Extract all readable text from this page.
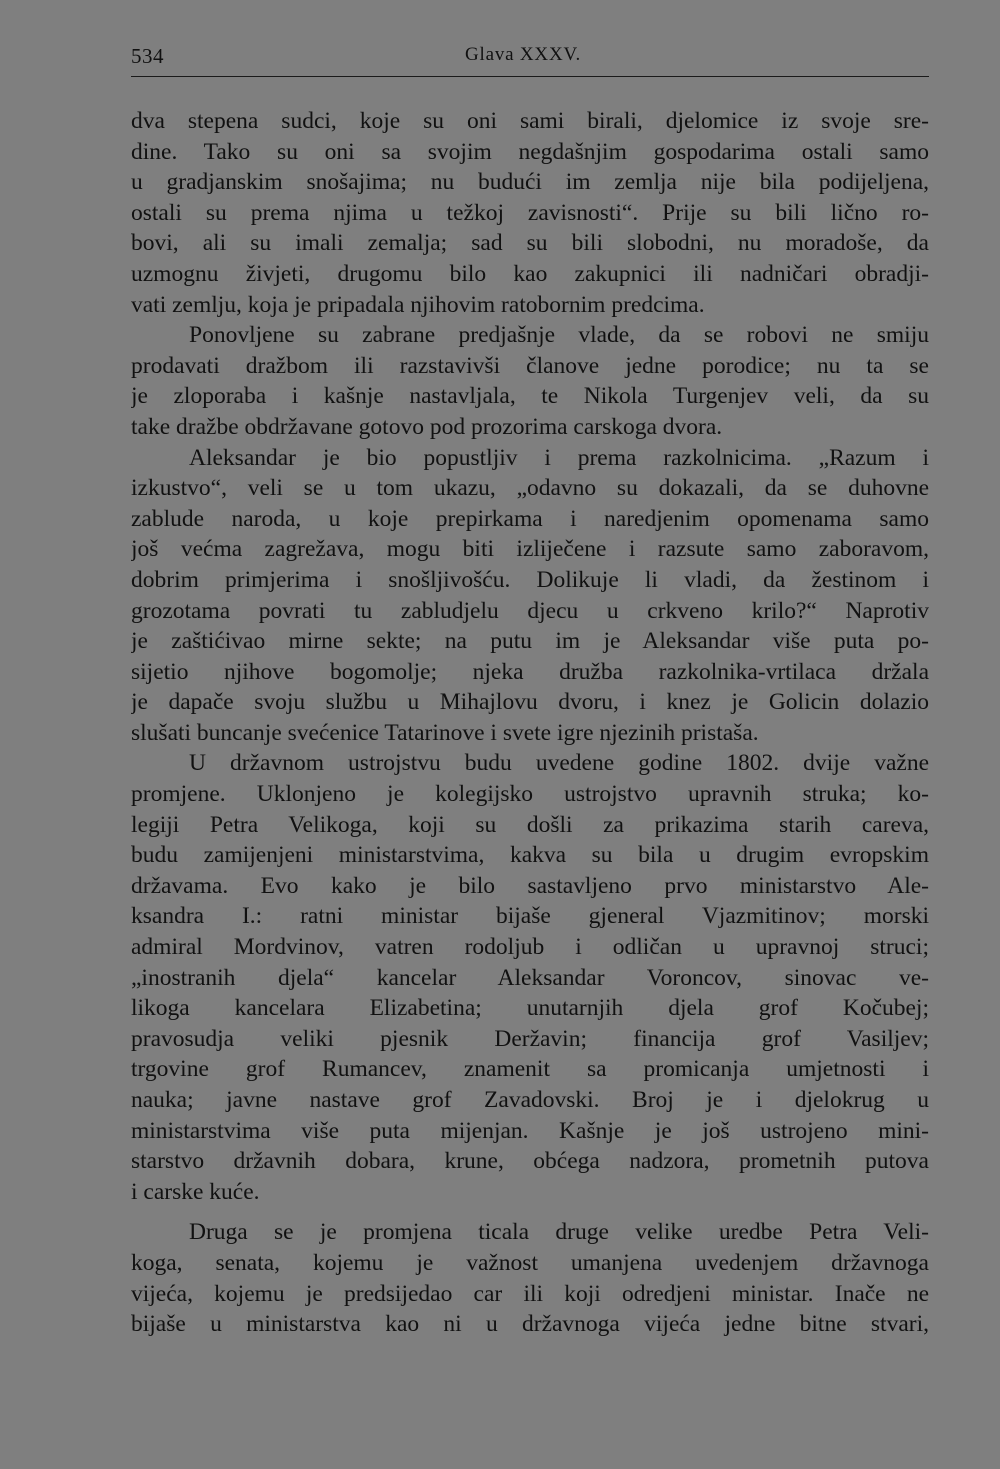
534	Glava XXXV.
dva stepena sudci, koje su oni sami birali, djelomice iz svoje sre-
dine. Tako su oni sa svojim negdašnjim gospodarima ostali samo
u gradjanskim snošajima; nu budući im zemlja nije bila podijeljena,
ostali su prema njima u težkoj zavisnosti“. Prije su bili lično ro-
bovi, ali su imali zemalja; sad su bili slobodni, nu moradoše, da
uzmognu živjeti, drugomu bilo kao zakupnici ili nadničari obradji-
vati zemlju, koja je pripadala njihovim ratobornim predcima.
Ponovljene su zabrane predjašnje vlade, da se robovi ne smiju
prodavati dražbom ili razstavivši članove jedne porodice; nu ta se
je zloporaba i kašnje nastavljala, te Nikola Turgenjev veli, da su
take dražbe obdržavane gotovo pod prozorima carskoga dvora.
Aleksandar je bio popustljiv i prema razkolnicima. „Razum i
izkustvo“, veli se u tom ukazu, „odavno su dokazali, da se duhovne
zablude naroda, u koje prepirkama i naredjenim opomenama samo
još većma zagrežava, mogu biti izliječene i razsute samo zaboravom,
dobrim primjerima i snošljivošću. Dolikuje li vladi, da žestinom i
grozotama povrati tu zabludjelu djecu u crkveno krilo?“ Naprotiv
je zaštićivao mirne sekte; na putu im je Aleksandar više puta po-
sijetio njihove bogomolje; njeka družba razkolnika-vrtilaca držala
je dapače svoju službu u Mihajlovu dvoru, i knez je Golicin dolazio
slušati buncanje svećenice Tatarinove i svete igre njezinih pristaša.
U državnom ustrojstvu budu uvedene godine 1802. dvije važne
promjene. Uklonjeno je kolegijsko ustrojstvo upravnih struka; ko-
legiji Petra Velikoga, koji su došli za prikazima starih careva,
budu zamijenjeni ministarstvima, kakva su bila u drugim evropskim
državama. Evo kako je bilo sastavljeno prvo ministarstvo Ale-
ksandra I.: ratni ministar bijaše gjeneral Vjazmitinov; morski
admiral Mordvinov, vatren rodoljub i odličan u upravnoj struci;
„inostranih djela“ kancelar Aleksandar Voroncov, sinovac ve-
likoga kancelara Elizabetina; unutarnjih djela grof Kočubej;
pravosudja veliki pjesnik Deržavin; financija grof Vasiljev;
trgovine grof Rumancev, znamenit sa promicanja umjetnosti i
nauka; javne nastave grof Zavadovski. Broj je i djelokrug u
ministarstvima više puta mijenjan. Kašnje je još ustrojeno mini-
starstvo državnih dobara, krune, obćega nadzora, prometnih putova
i carske kuće.
Druga se je promjena ticala druge velike uredbe Petra Veli-
koga, senata, kojemu je važnost umanjena uvedenjem državnoga
vijeća, kojemu je predsijedao car ili koji odredjeni ministar. Inače ne
bijaše u ministarstva kao ni u državnoga vijeća jedne bitne stvari,
